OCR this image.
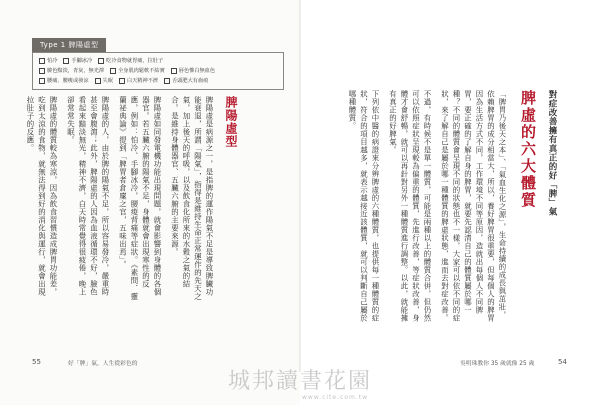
Type 1 脾陽虛型
怕冷	手腳冰冷	吃冷食物就胃痛，拉肚子
臉色黯淡，青灰，無光澤	全身肌肉鬆軟不結實	唇色慘白無血色
腰痛、腰痠或發涼	失眠	白天精神不濟	舌頭肥大有齒痕
脾陽虛型

脾陽虛是病源之一，是指脾的運作陽氣不足是導致脾臟功能衰退，所謂「陽氣」，指得是維持生命正常運作的先天之氣，加上後天的呼吸，以及飲食化所來的水穀之氣的結合。是維持身體器官、五臟六腑的主要來源。

脾陽虛如同發電機功能出現問題，就會影響到身體的各個器官。若五臟六腑的陽氣不足，身體就會出現寒性的反應，例如：怕冷、手腳冰冷，腰痠背痛等症狀。《素問．靈蘭祕典論》提到「脾胃者倉廩之官，五味出焉」。

脾陽虛的人，由於脾的陽氣不足，所以容易發冷，嚴重時甚至會腹瀉；此外，脾陽虛的人因為血液循環不好，臉色看起來黯淡無光，精神不濟，白天時常覺得很疲倦，晚上卻常常失眠。

脾陽虛的體質較為寒涼，因為飲食習慣造成脾胃功能差，吃到太涼的食物，就無法得到好的消化與運行，就會出現拉肚子的反應。	對症改善擁有真正的好「脾」氣
脾虛的六大體質

「脾胃乃後天之本」、「氣血生化之源」，生命持續的成長與茁壯，依賴脾胃的成分相當大，所以，養好脾胃很重要，但每個人的脾胃因為生活方式不同，工作環境不同等原因，造就出每個人不同脾胃，要正確的了解自身的脾胃，就要先認清自己的體質屬於哪一種？不同的體質會呈現不同的狀態也不一樣，大家可以依不同的症狀，來了解自己是屬於哪一種體質的脾虛狀態，進而去對症改善。

不過，有時候不是單一體質，可能是兩種以上的體質合併，但仍然可以依照症狀呈現較為偏重的體質，先進行改善，等症狀改善，身體才會舒暢，就可以再針對另外一種體質進行調整。以此，就能擁有真正的好脾氣。

下列依中醫的病證來分辨脾虛的六種體質，也提供每一種體質的症狀，符合的項目越多，就表示越接近該體質，就可以判斷自己屬於哪種體質。

55	好「脾」氣，人生從彩色的	吳明珠教你 35 歲就像 25 歲	54
城邦讀書花園
www.cite.com.tw
